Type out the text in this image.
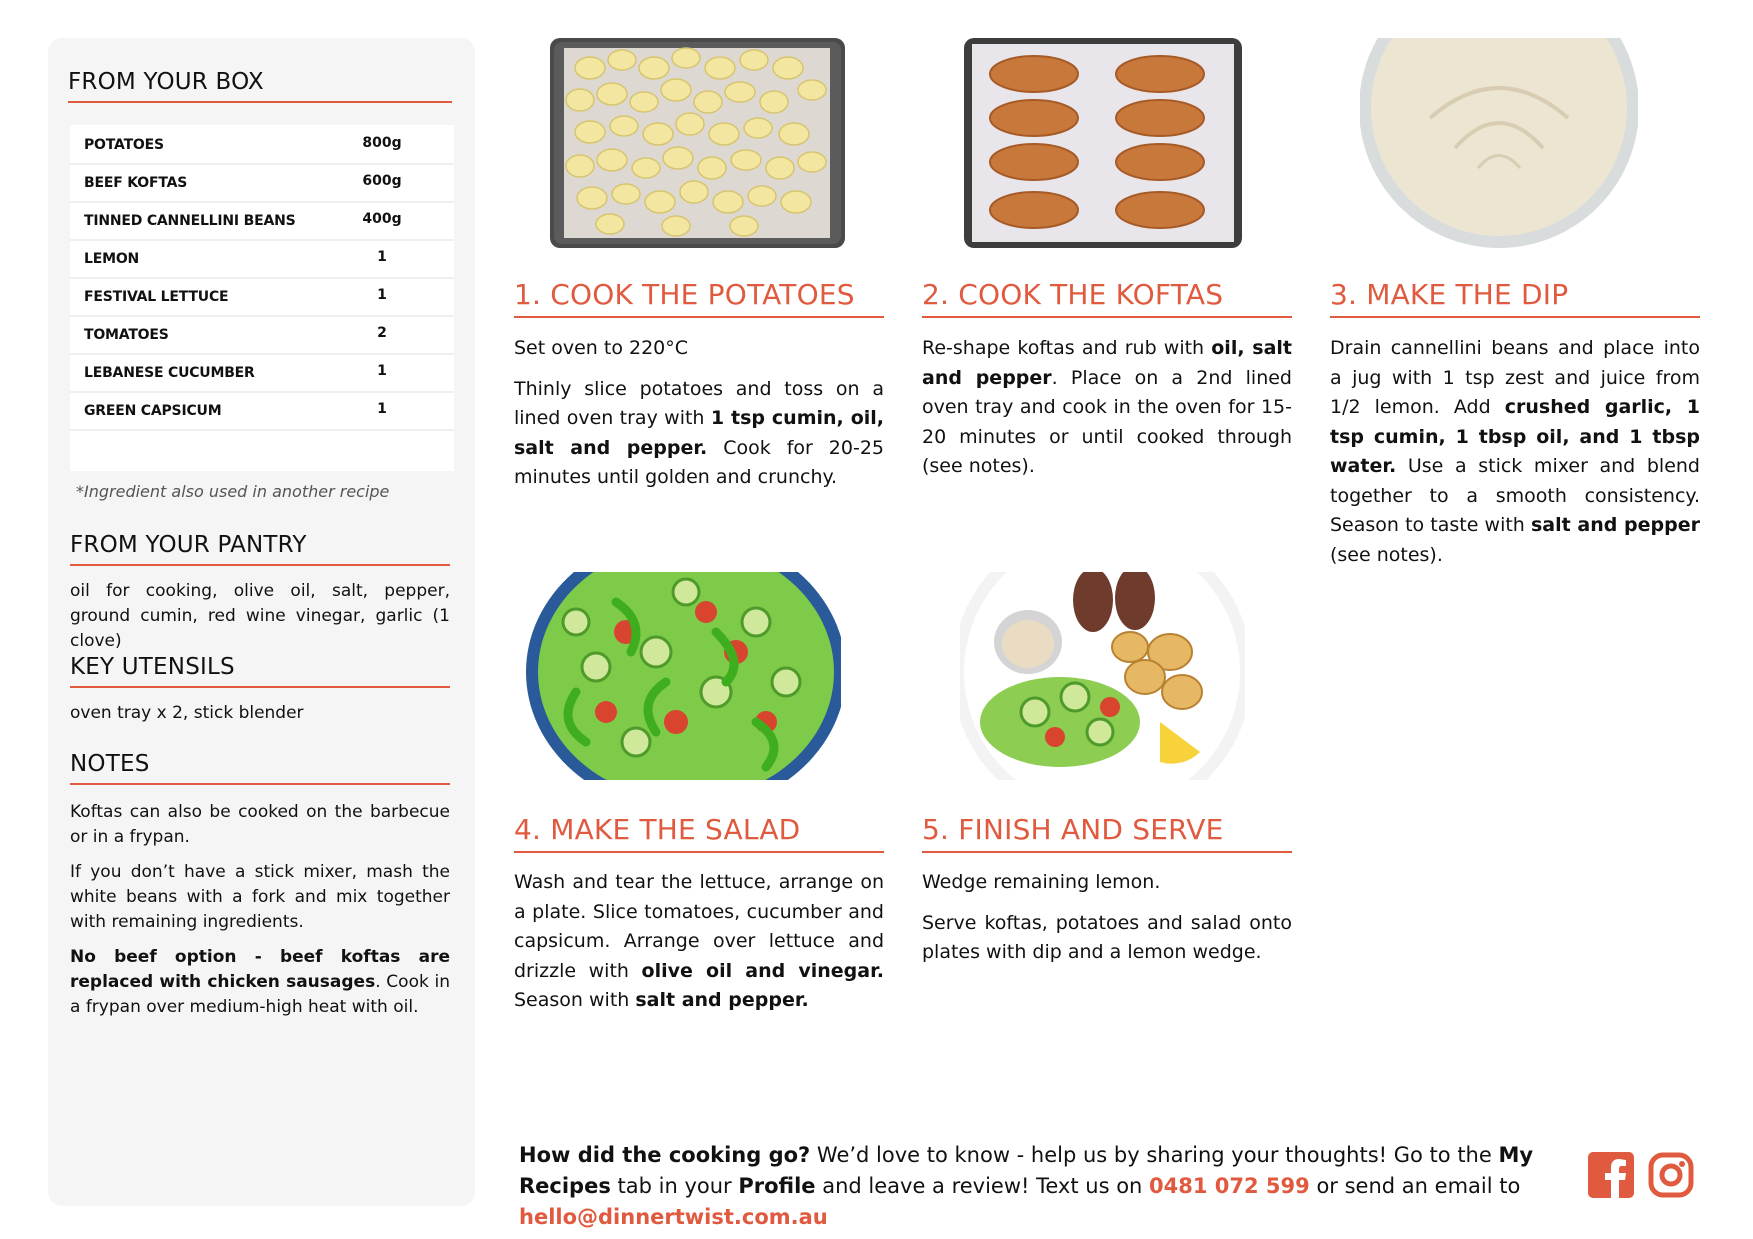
FROM YOUR BOX
POTATOES	800g
BEEF KOFTAS	600g
TINNED CANNELLINI BEANS	400g
LEMON	1
FESTIVAL LETTUCE	1
TOMATOES	2
LEBANESE CUCUMBER	1
GREEN CAPSICUM	1
*Ingredient also used in another recipe
FROM YOUR PANTRY
oil for cooking, olive oil, salt, pepper, ground cumin, red wine vinegar, garlic (1 clove)
KEY UTENSILS
oven tray x 2, stick blender
NOTES
Koftas can also be cooked on the barbecue or in a frypan.
If you don’t have a stick mixer, mash the white beans with a fork and mix together with remaining ingredients.
No beef option - beef koftas are replaced with chicken sausages. Cook in a frypan over medium-high heat with oil.
1. COOK THE POTATOES	2. COOK THE KOFTAS	3. MAKE THE DIP
4. MAKE THE SALAD	5. FINISH AND SERVE

Set oven to 220°C

Thinly slice potatoes and toss on a lined oven tray with 1 tsp cumin, oil, salt and pepper. Cook for 20-25 minutes until golden and crunchy.

Re-shape koftas and rub with oil, salt and pepper. Place on a 2nd lined oven tray and cook in the oven for 15-20 minutes or until cooked through (see notes).

Drain cannellini beans and place into a jug with 1 tsp zest and juice from 1/2 lemon. Add crushed garlic, 1 tsp cumin, 1 tbsp oil, and 1 tbsp water. Use a stick mixer and blend together to a smooth consistency. Season to taste with salt and pepper (see notes).

Wash and tear the lettuce, arrange on a plate. Slice tomatoes, cucumber and capsicum. Arrange over lettuce and drizzle with olive oil and vinegar. Season with salt and pepper.

Wedge remaining lemon.

Serve koftas, potatoes and salad onto plates with dip and a lemon wedge.

How did the cooking go? We’d love to know - help us by sharing your thoughts! Go to the My Recipes tab in your Profile and leave a review! Text us on 0481 072 599 or send an email to hello@dinnertwist.com.au
